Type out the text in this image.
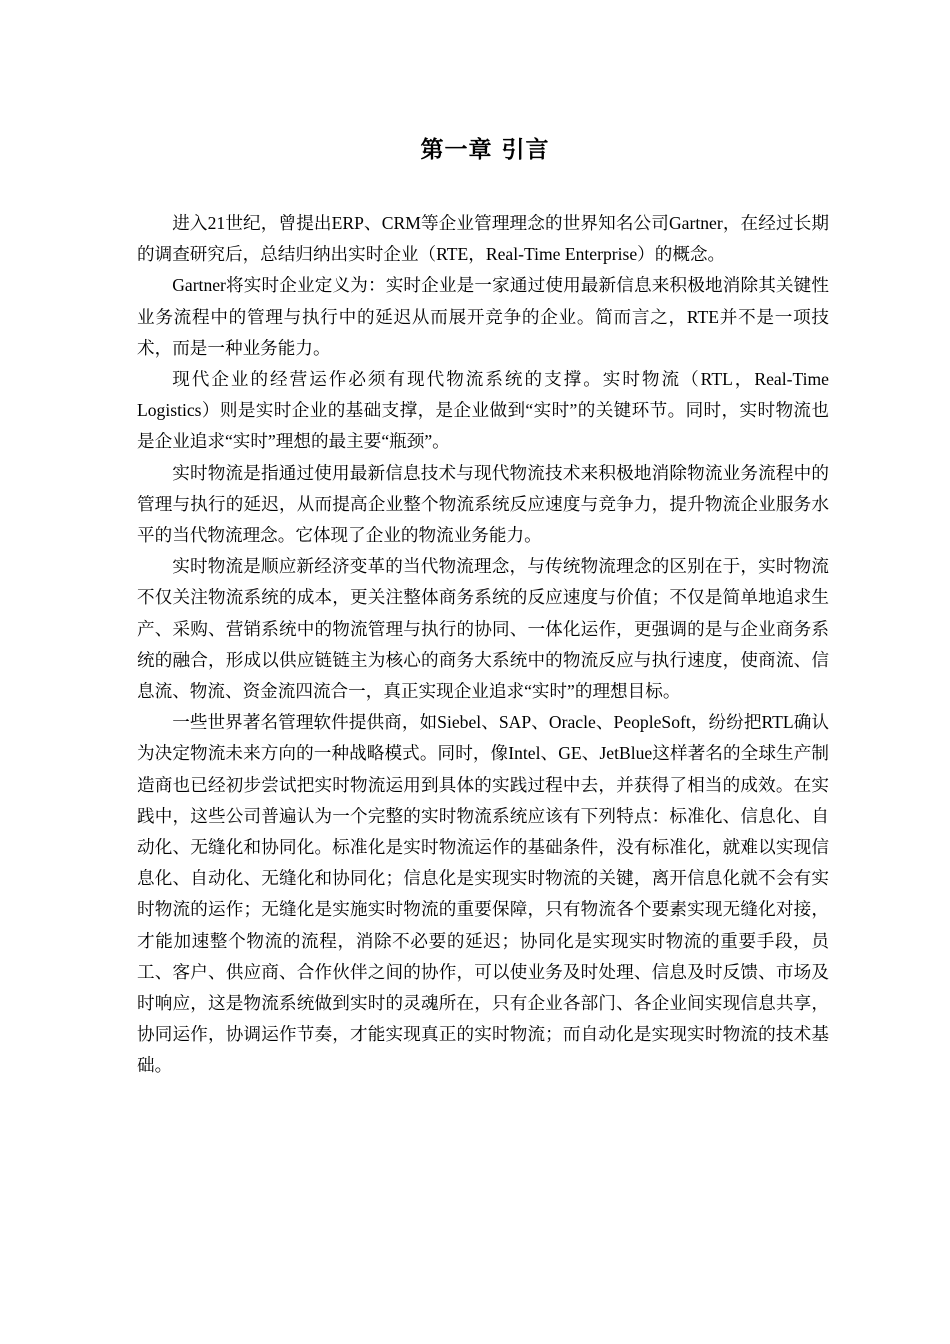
第一章 引言

进入21世纪，曾提出ERP、CRM等企业管理理念的世界知名公司Gartner，在经过长期的调查研究后，总结归纳出实时企业（RTE，Real-Time Enterprise）的概念。

Gartner将实时企业定义为：实时企业是一家通过使用最新信息来积极地消除其关键性业务流程中的管理与执行中的延迟从而展开竞争的企业。简而言之，RTE并不是一项技术，而是一种业务能力。

现代企业的经营运作必须有现代物流系统的支撑。实时物流（RTL，Real-Time Logistics）则是实时企业的基础支撑，是企业做到“实时”的关键环节。同时，实时物流也是企业追求“实时”理想的最主要“瓶颈”。

实时物流是指通过使用最新信息技术与现代物流技术来积极地消除物流业务流程中的管理与执行的延迟，从而提高企业整个物流系统反应速度与竞争力，提升物流企业服务水平的当代物流理念。它体现了企业的物流业务能力。

实时物流是顺应新经济变革的当代物流理念，与传统物流理念的区别在于，实时物流不仅关注物流系统的成本，更关注整体商务系统的反应速度与价值；不仅是简单地追求生产、采购、营销系统中的物流管理与执行的协同、一体化运作，更强调的是与企业商务系统的融合，形成以供应链链主为核心的商务大系统中的物流反应与执行速度，使商流、信息流、物流、资金流四流合一，真正实现企业追求“实时”的理想目标。

一些世界著名管理软件提供商，如Siebel、SAP、Oracle、PeopleSoft，纷纷把RTL确认为决定物流未来方向的一种战略模式。同时，像Intel、GE、JetBlue这样著名的全球生产制造商也已经初步尝试把实时物流运用到具体的实践过程中去，并获得了相当的成效。在实践中，这些公司普遍认为一个完整的实时物流系统应该有下列特点：标准化、信息化、自动化、无缝化和协同化。标准化是实时物流运作的基础条件，没有标准化，就难以实现信息化、自动化、无缝化和协同化；信息化是实现实时物流的关键，离开信息化就不会有实时物流的运作；无缝化是实施实时物流的重要保障，只有物流各个要素实现无缝化对接，才能加速整个物流的流程，消除不必要的延迟；协同化是实现实时物流的重要手段，员工、客户、供应商、合作伙伴之间的协作，可以使业务及时处理、信息及时反馈、市场及时响应，这是物流系统做到实时的灵魂所在，只有企业各部门、各企业间实现信息共享，协同运作，协调运作节奏，才能实现真正的实时物流；而自动化是实现实时物流的技术基础。
